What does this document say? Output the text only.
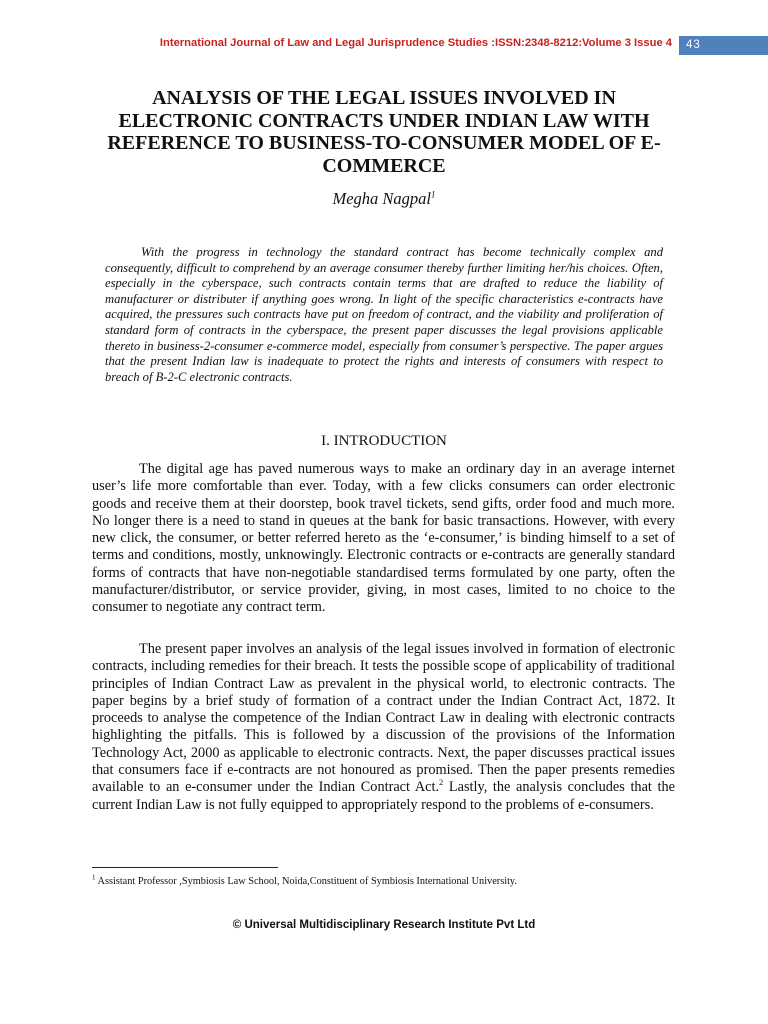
International Journal of Law and Legal Jurisprudence Studies :ISSN:2348-8212:Volume 3 Issue 4	43
ANALYSIS OF THE LEGAL ISSUES INVOLVED IN ELECTRONIC CONTRACTS UNDER INDIAN LAW WITH REFERENCE TO BUSINESS-TO-CONSUMER MODEL OF E-COMMERCE
Megha Nagpal$^1$

With the progress in technology the standard contract has become technically complex and consequently, difficult to comprehend by an average consumer thereby further limiting her/his choices. Often, especially in the cyberspace, such contracts contain terms that are drafted to reduce the liability of manufacturer or distributer if anything goes wrong. In light of the specific characteristics e-contracts have acquired, the pressures such contracts have put on freedom of contract, and the viability and proliferation of standard form of contracts in the cyberspace, the present paper discusses the legal provisions applicable thereto in business-2-consumer e-commerce model, especially from consumer’s perspective. The paper argues that the present Indian law is inadequate to protect the rights and interests of consumers with respect to breach of B-2-C electronic contracts.

I. INTRODUCTION

The digital age has paved numerous ways to make an ordinary day in an average internet user’s life more comfortable than ever. Today, with a few clicks consumers can order electronic goods and receive them at their doorstep, book travel tickets, send gifts, order food and much more. No longer there is a need to stand in queues at the bank for basic transactions. However, with every new click, the consumer, or better referred hereto as the ‘e-consumer,’ is binding himself to a set of terms and conditions, mostly, unknowingly. Electronic contracts or e-contracts are generally standard forms of contracts that have non-negotiable standardised terms formulated by one party, often the manufacturer/distributor, or service provider, giving, in most cases, limited to no choice to the consumer to negotiate any contract term.

The present paper involves an analysis of the legal issues involved in formation of electronic contracts, including remedies for their breach. It tests the possible scope of applicability of traditional principles of Indian Contract Law as prevalent in the physical world, to electronic contracts. The paper begins by a brief study of formation of a contract under the Indian Contract Act, 1872. It proceeds to analyse the competence of the Indian Contract Law in dealing with electronic contracts highlighting the pitfalls. This is followed by a discussion of the provisions of the Information Technology Act, 2000 as applicable to electronic contracts. Next, the paper discusses practical issues that consumers face if e-contracts are not honoured as promised. Then the paper presents remedies available to an e-consumer under the Indian Contract Act.$^2$ Lastly, the analysis concludes that the current Indian Law is not fully equipped to appropriately respond to the problems of e-consumers.

$^1$ Assistant Professor ,Symbiosis Law School, Noida,Constituent of Symbiosis International University.
© Universal Multidisciplinary Research Institute Pvt Ltd
